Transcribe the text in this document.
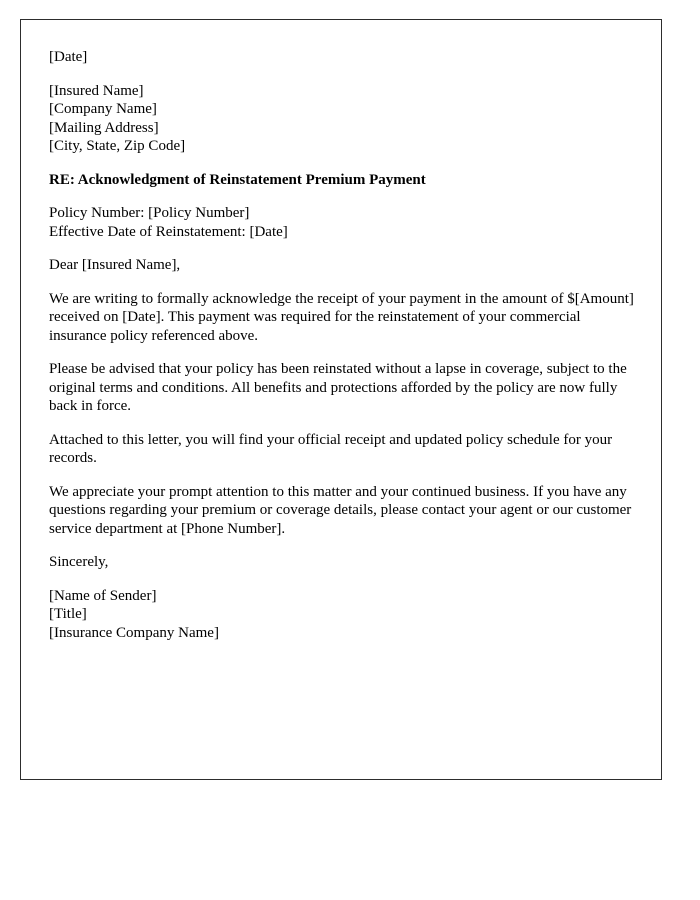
[Date]

[Insured Name]
[Company Name]
[Mailing Address]
[City, State, Zip Code]

RE: Acknowledgment of Reinstatement Premium Payment

Policy Number: [Policy Number]
Effective Date of Reinstatement: [Date]

Dear [Insured Name],

We are writing to formally acknowledge the receipt of your payment in the amount of $[Amount] received on [Date]. This payment was required for the reinstatement of your commercial insurance policy referenced above.

Please be advised that your policy has been reinstated without a lapse in coverage, subject to the original terms and conditions. All benefits and protections afforded by the policy are now fully back in force.

Attached to this letter, you will find your official receipt and updated policy schedule for your records.

We appreciate your prompt attention to this matter and your continued business. If you have any questions regarding your premium or coverage details, please contact your agent or our customer service department at [Phone Number].

Sincerely,

[Name of Sender]
[Title]
[Insurance Company Name]
